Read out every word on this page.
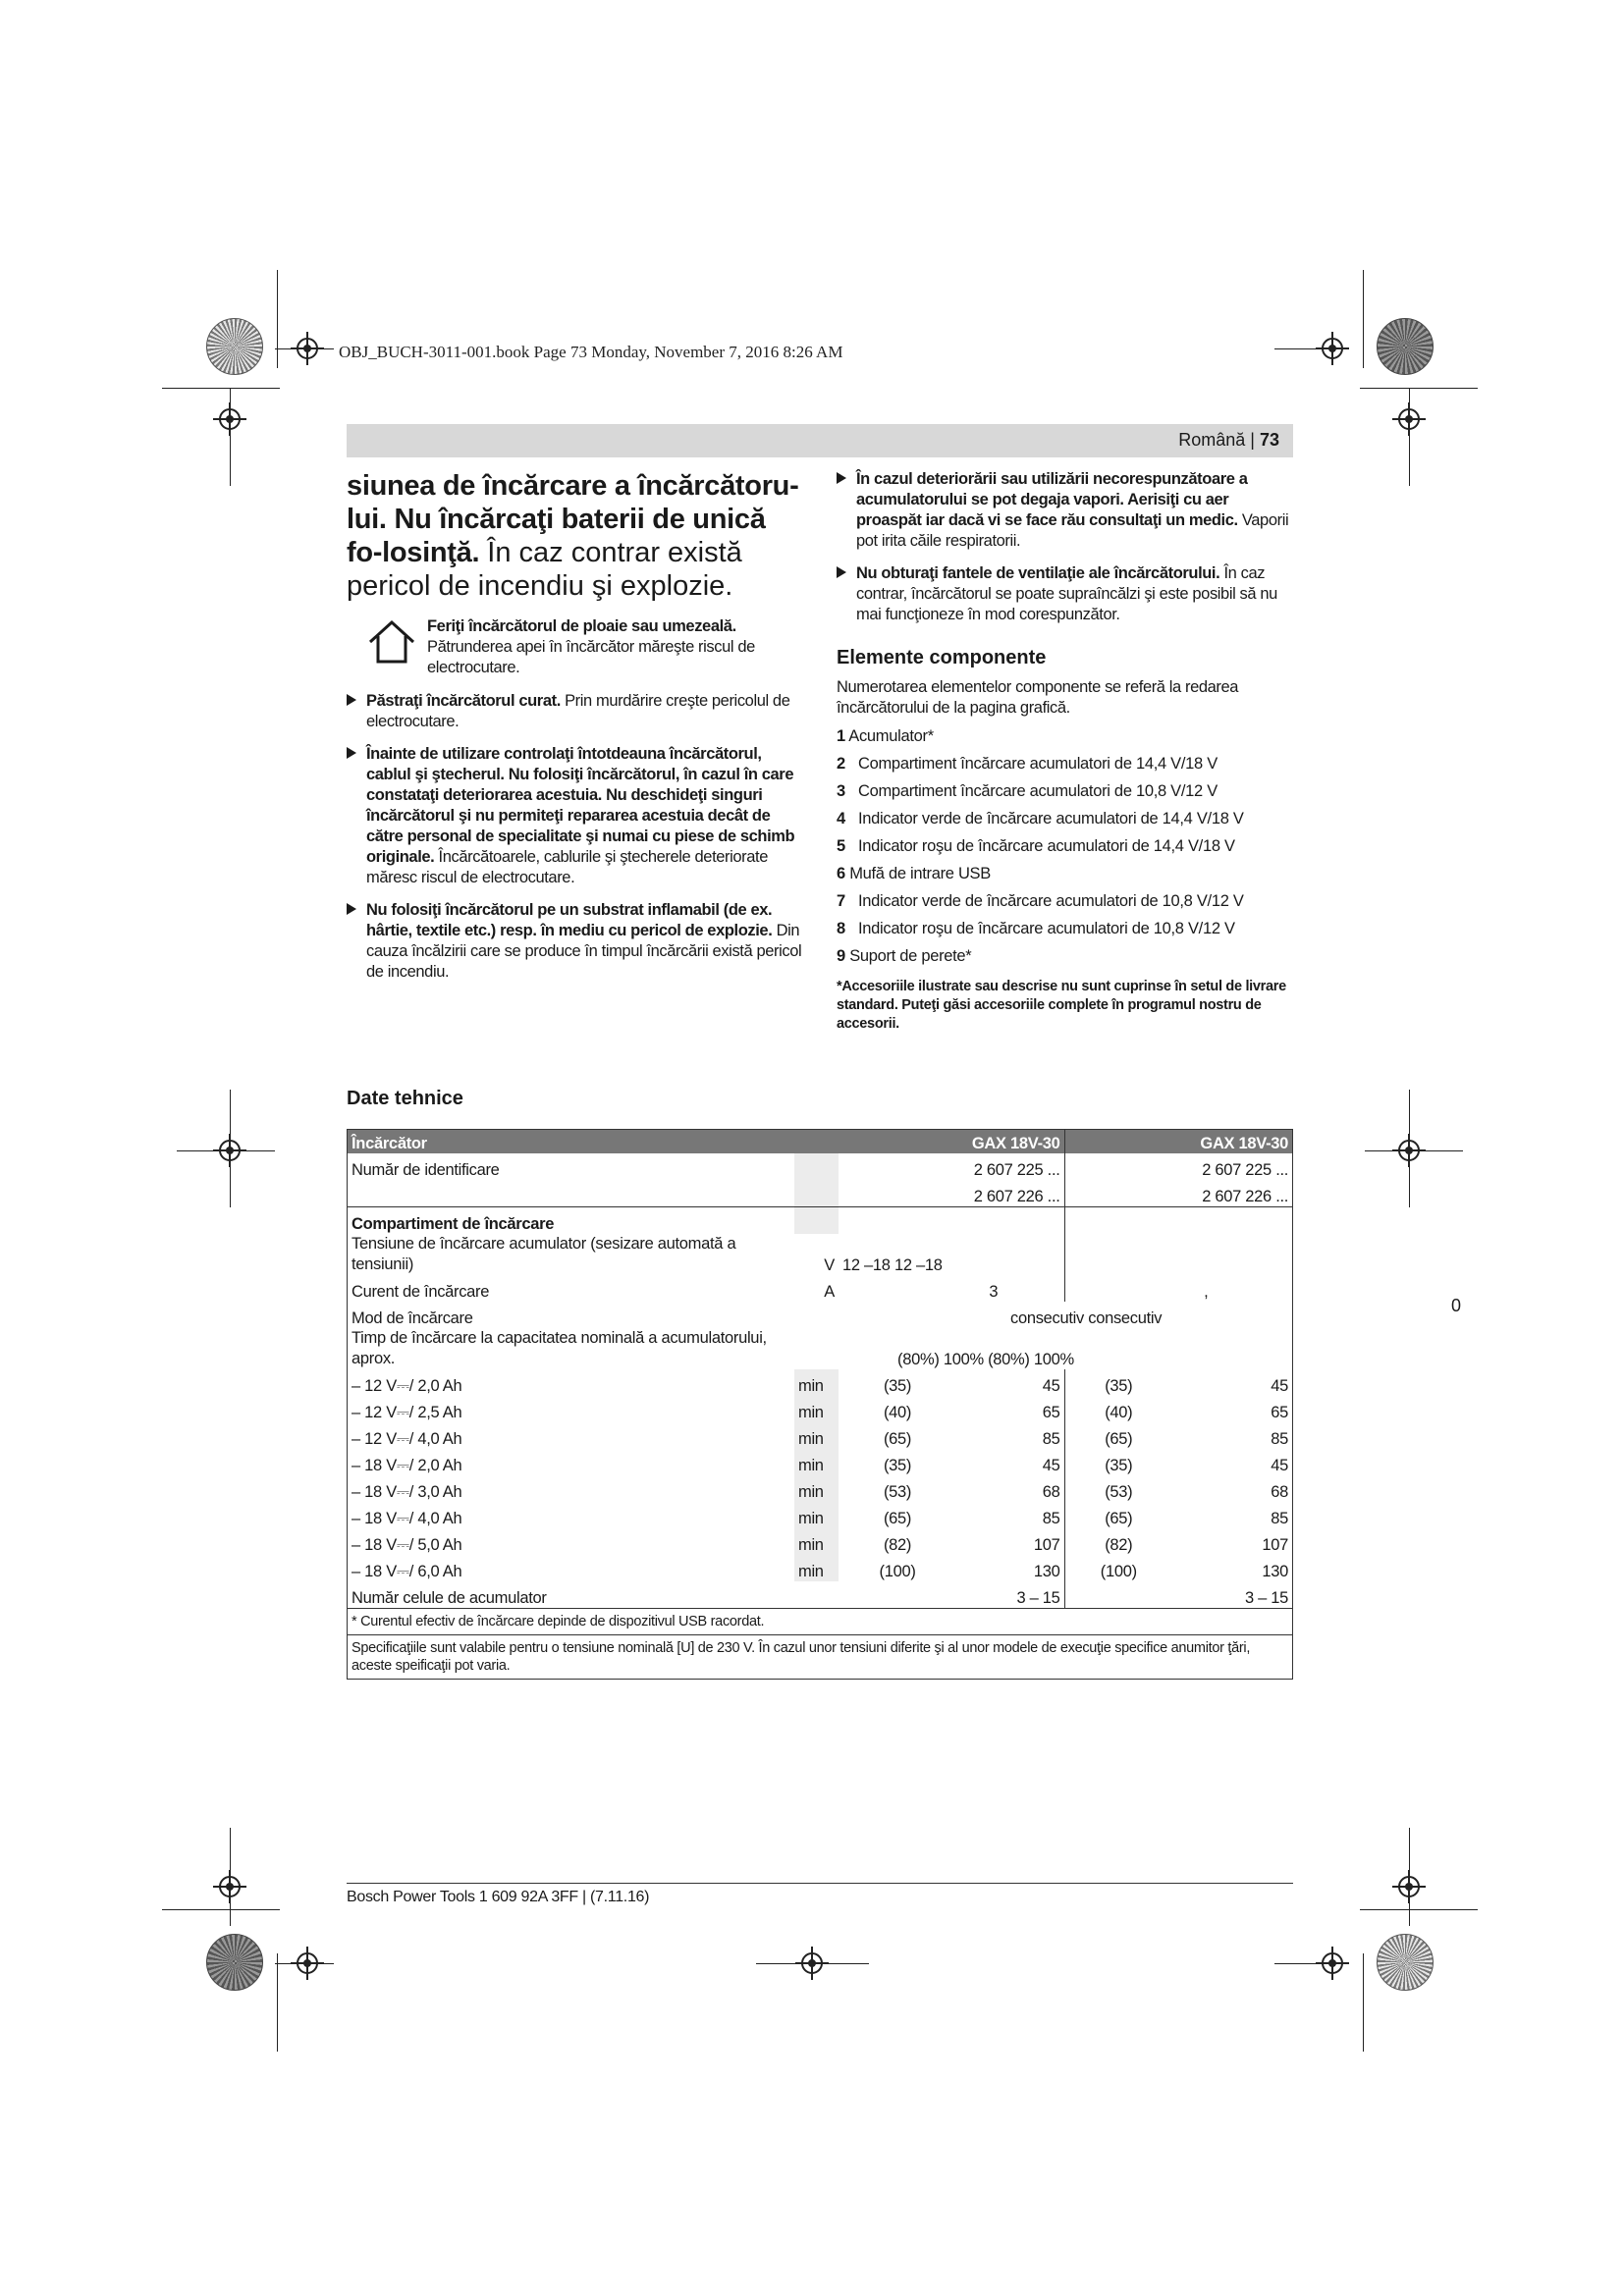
OBJ_BUCH-3011-001.book Page 73 Monday, November 7, 2016 8:26 AM
Română | 73
siunea de încărcare a încărcătoru-lui. Nu încărcaţi baterii de unică fo-losinţă. În caz contrar există pericol de incendiu şi explozie.

Feriţi încărcătorul de ploaie sau umezeală. Pătrunderea apei în încărcător măreşte riscul de electrocutare.

Păstraţi încărcătorul curat. Prin murdărire creşte pericolul de electrocutare.

Înainte de utilizare controlaţi întotdeauna încărcătorul, cablul şi ştecherul. Nu folosiţi încărcătorul, în cazul în care constataţi deteriorarea acestuia. Nu deschideţi singuri încărcătorul şi nu permiteţi repararea acestuia decât de către personal de specialitate şi numai cu piese de schimb originale. Încărcătoarele, cablurile şi ştecherele deteriorate măresc riscul de electrocutare.

Nu folosiţi încărcătorul pe un substrat inflamabil (de ex. hârtie, textile etc.) resp. în mediu cu pericol de explozie. Din cauza încălzirii care se produce în timpul încărcării există pericol de incendiu.

În cazul deteriorării sau utilizării necorespunzătoare a acumulatorului se pot degaja vapori. Aerisiţi cu aer proaspăt iar dacă vi se face rău consultaţi un medic. Vaporii pot irita căile respiratorii.

Nu obturaţi fantele de ventilaţie ale încărcătorului. În caz contrar, încărcătorul se poate supraîncălzi şi este posibil să nu mai funcţioneze în mod corespunzător.

Elemente componente

Numerotarea elementelor componente se referă la redarea încărcătorului de la pagina grafică.

1 Acumulator*
2 Compartiment încărcare acumulatori de 14,4 V/18 V
3 Compartiment încărcare acumulatori de 10,8 V/12 V
4 Indicator verde de încărcare acumulatori de 14,4 V/18 V
5 Indicator roşu de încărcare acumulatori de 14,4 V/18 V
6 Mufă de intrare USB
7 Indicator verde de încărcare acumulatori de 10,8 V/12 V
8 Indicator roşu de încărcare acumulatori de 10,8 V/12 V
9 Suport de perete*
*Accesoriile ilustrate sau descrise nu sunt cuprinse în setul de livrare standard. Puteţi găsi accesoriile complete în programul nostru de accesorii.
Date tehnice
Încărcător		GAX 18V-30		GAX 18V-30	
Număr de identificare		2 607 225 ...		2 607 225 ...	
		2 607 226 ...		2 607 226 ...	
Compartiment de încărcare					
Tensiune de încărcare acumulator (sesizare automată a tensiunii)	V	12 –18 12 –18			
Curent de încărcare	A	3		,	
Mod de încărcare		consecutiv consecutiv			
Timp de încărcare la capacitatea nominală a acumulatorului, aprox.		(80%) 100% (80%) 100%			
– 12 V⎓/ 2,0 Ah	min	(35)	45	(35)	45
– 12 V⎓/ 2,5 Ah	min	(40)	65	(40)	65
– 12 V⎓/ 4,0 Ah	min	(65)	85	(65)	85
– 18 V⎓/ 2,0 Ah	min	(35)	45	(35)	45
– 18 V⎓/ 3,0 Ah	min	(53)	68	(53)	68
– 18 V⎓/ 4,0 Ah	min	(65)	85	(65)	85
– 18 V⎓/ 5,0 Ah	min	(82)	107	(82)	107
– 18 V⎓/ 6,0 Ah	min	(100)	130	(100)	130
Număr celule de acumulator		3 – 15		3 – 15	
* Curentul efectiv de încărcare depinde de dispozitivul USB racordat.					
Specificaţiile sunt valabile pentru o tensiune nominală [U] de 230 V. În cazul unor tensiuni diferite şi al unor modele de execuţie specifice anumitor ţări, aceste speificaţii pot varia.					
0
Bosch Power Tools 1 609 92A 3FF | (7.11.16)
